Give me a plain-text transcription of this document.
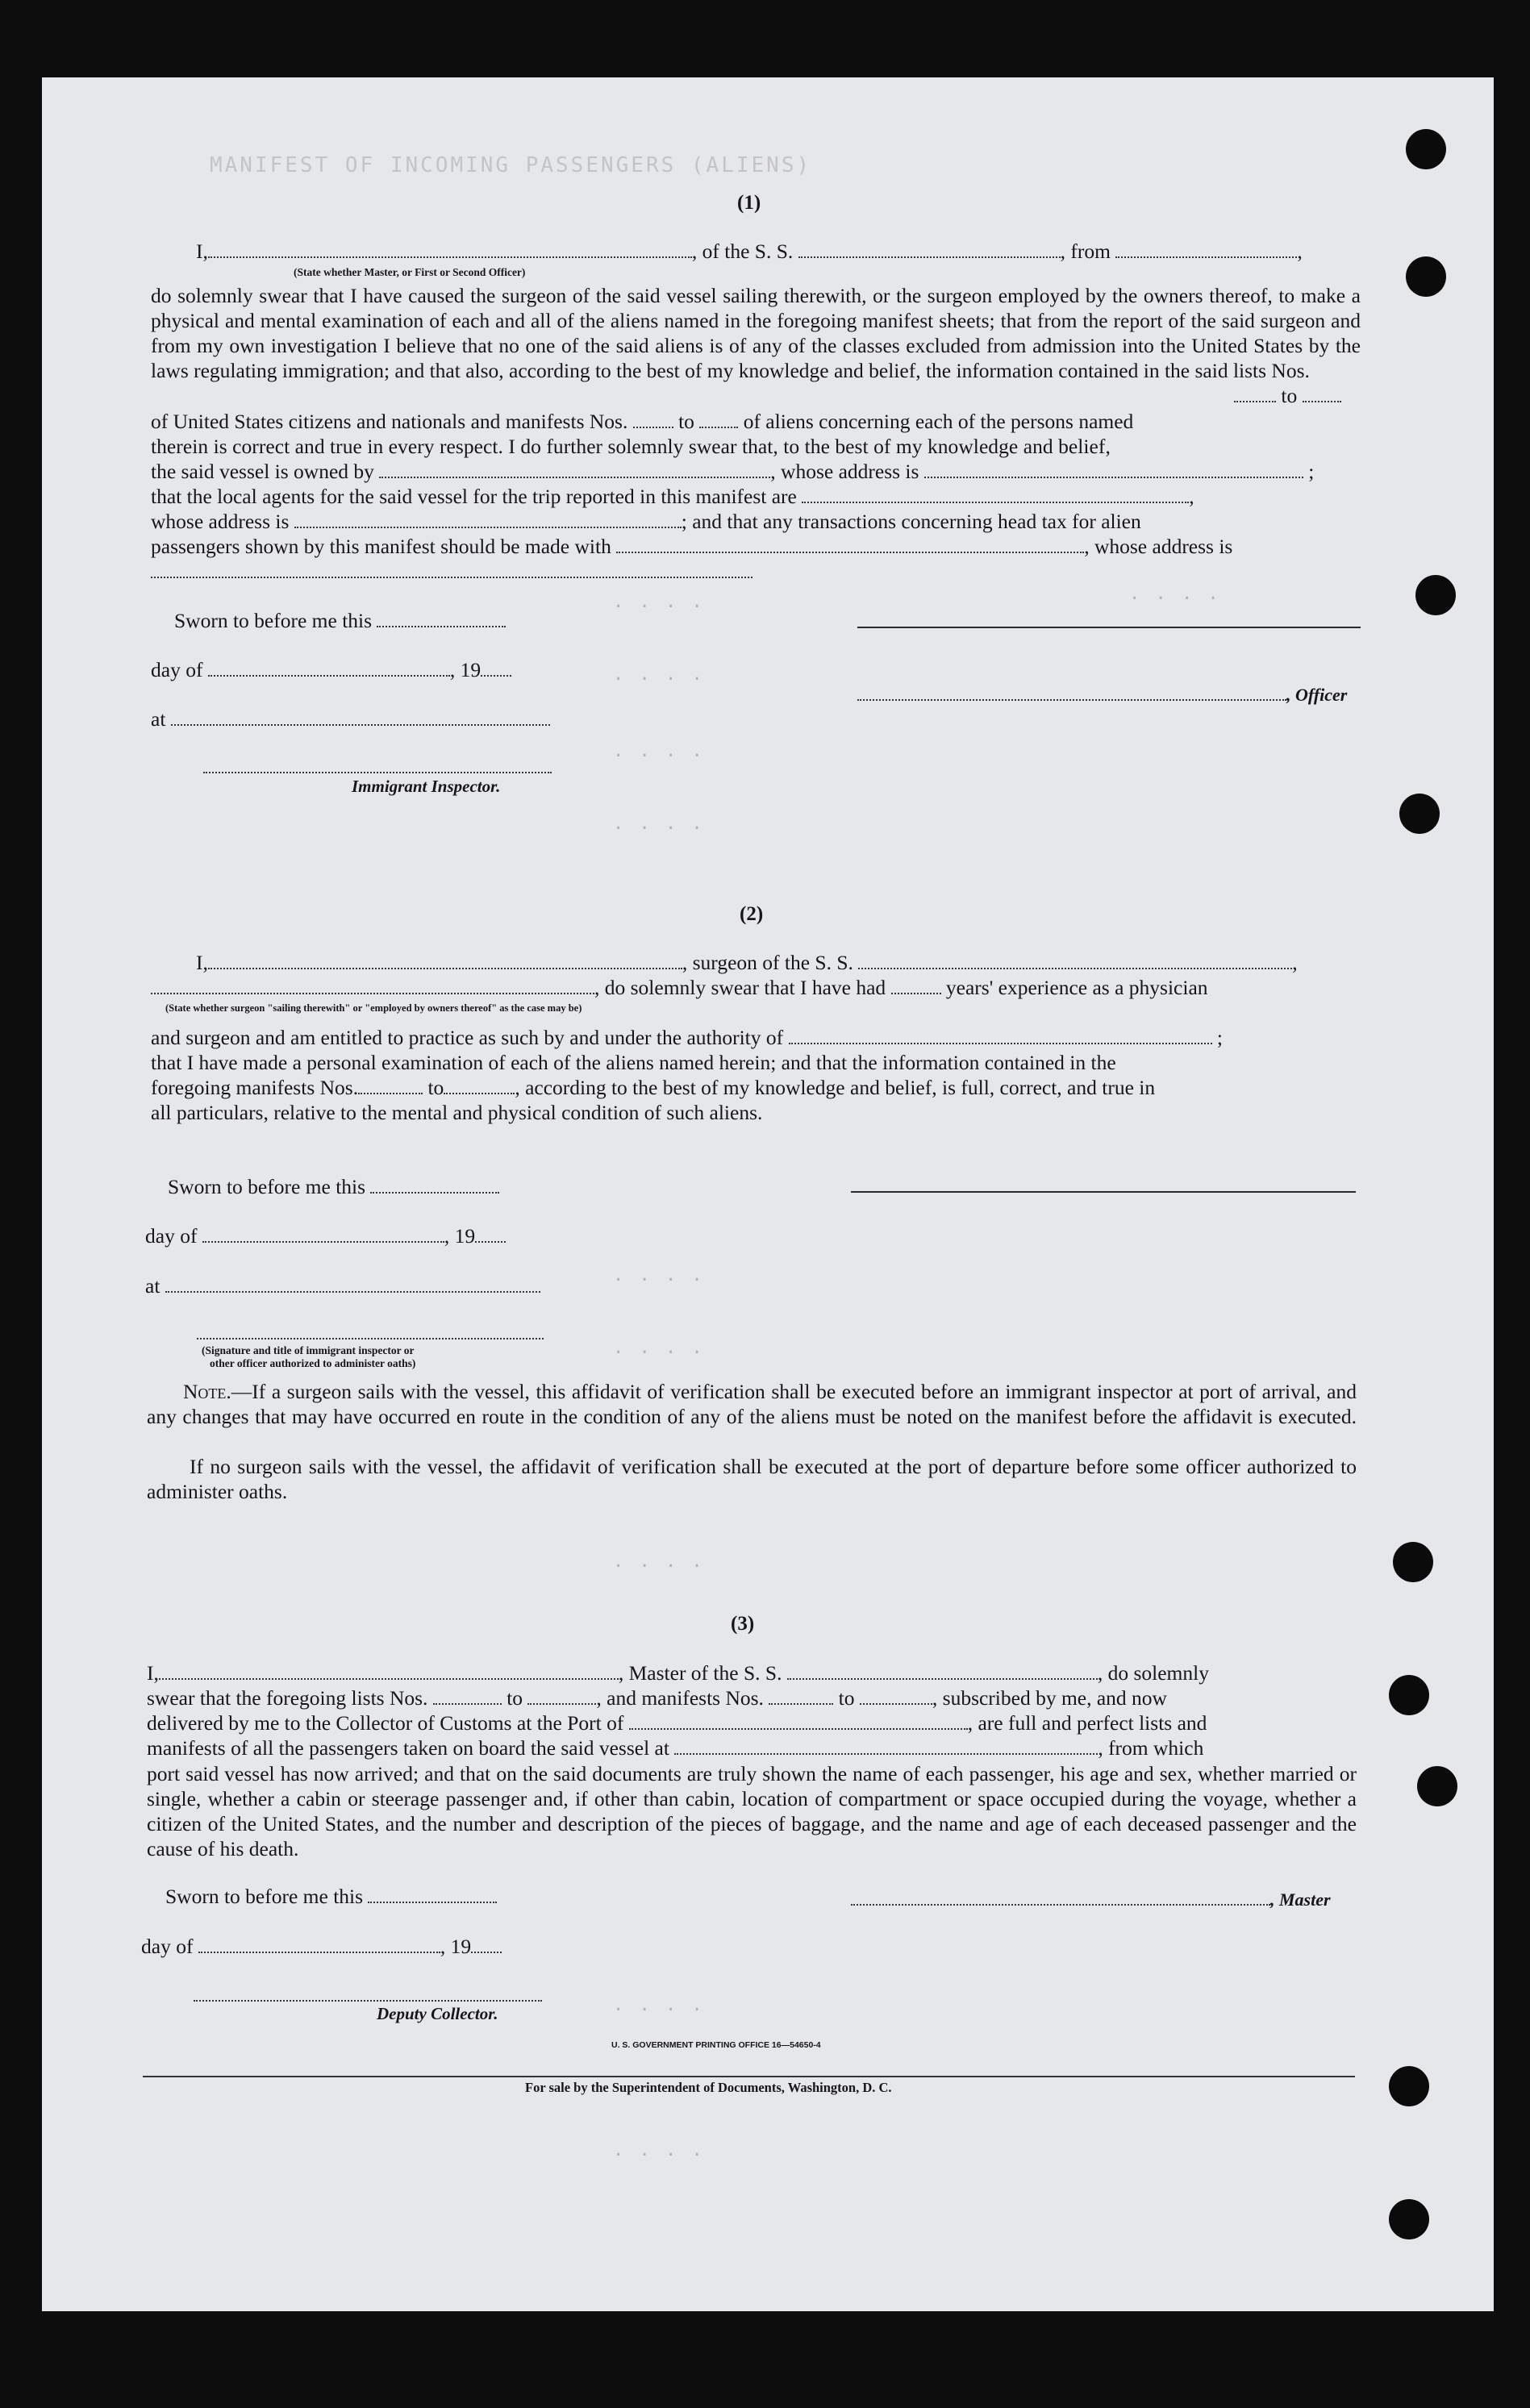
MANIFEST OF INCOMING PASSENGERS (ALIENS)
· · · ·
· · · ·
· · · ·
· · · ·
· · · ·
· · · ·
· · · ·
· · · ·
· · · ·
· · · ·
(1)
I,	, of the S. S.	, from	,
(State whether Master, or First or Second Officer)
do solemnly swear that I have caused the surgeon of the said vessel sailing therewith, or the surgeon employed by the owners thereof, to make a physical and mental examination of each and all of the aliens named in the foregoing manifest sheets; that from the report of the said surgeon and from my own investigation I believe that no one of the said aliens is of any of the classes excluded from admission into the United States by the laws regulating immigration; and that also, according to the best of my knowledge and belief, the information contained in the said lists Nos.
to
of United States citizens and nationals and manifests Nos. to of aliens concerning each of the persons named
therein is correct and true in every respect. I do further solemnly swear that, to the best of my knowledge and belief,
the said vessel is owned by	, whose address is	;
that the local agents for the said vessel for the trip reported in this manifest are	,
whose address is	; and that any transactions concerning head tax for alien
passengers shown by this manifest should be made with	, whose address is
Sworn to before me this
day of	, 19
, Officer
at
Immigrant Inspector.
(2)
I,	, surgeon of the S. S.	,
, do solemnly swear that I have had	years' experience as a physician
(State whether surgeon "sailing therewith" or "employed by owners thereof" as the case may be)
and surgeon and am entitled to practice as such by and under the authority of	;
that I have made a personal examination of each of the aliens named herein; and that the information contained in the
foregoing manifests Nos.	to	, according to the best of my knowledge and belief, is full, correct, and true in
all particulars, relative to the mental and physical condition of such aliens.
Sworn to before me this
day of	, 19
at
(Signature and title of immigrant inspector or
other officer authorized to administer oaths)
Note.—If a surgeon sails with the vessel, this affidavit of verification shall be executed before an immigrant inspector at port of arrival, and any changes that may have occurred en route in the condition of any of the aliens must be noted on the manifest before the affidavit is executed.
If no surgeon sails with the vessel, the affidavit of verification shall be executed at the port of departure before some officer authorized to administer oaths.
(3)
I,	, Master of the S. S.	, do solemnly
swear that the foregoing lists Nos.	to	, and manifests Nos.	to	, subscribed by me, and now
delivered by me to the Collector of Customs at the Port of	, are full and perfect lists and
manifests of all the passengers taken on board the said vessel at	, from which
port said vessel has now arrived; and that on the said documents are truly shown the name of each passenger, his age and sex, whether married or single, whether a cabin or steerage passenger and, if other than cabin, location of compartment or space occupied during the voyage, whether a citizen of the United States, and the number and description of the pieces of baggage, and the name and age of each deceased passenger and the cause of his death.
Sworn to before me this	, Master
day of	, 19
Deputy Collector.
U. S. GOVERNMENT PRINTING OFFICE 16—54650-4
For sale by the Superintendent of Documents, Washington, D. C.
